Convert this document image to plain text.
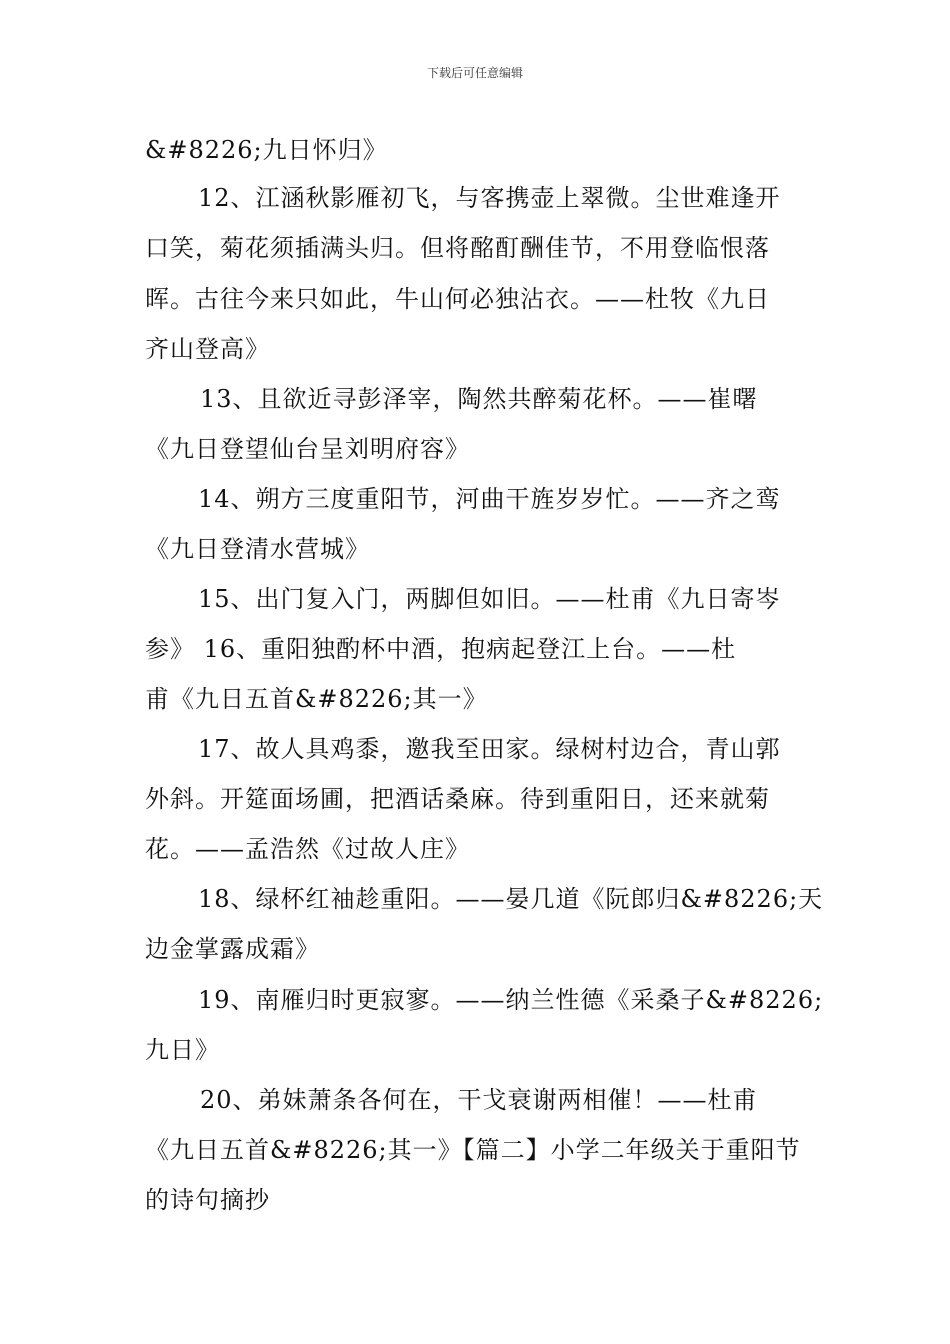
下载后可任意编辑
&#8226;九日怀归》
12、江涵秋影雁初飞，与客携壶上翠微。尘世难逢开
口笑，菊花须插满头归。但将酩酊酬佳节，不用登临恨落
晖。古往今来只如此，牛山何必独沾衣。——杜牧《九日
齐山登高》
13、且欲近寻彭泽宰，陶然共醉菊花杯。——崔曙
《九日登望仙台呈刘明府容》
14、朔方三度重阳节，河曲干旌岁岁忙。——齐之鸾
《九日登清水营城》
15、出门复入门，两脚但如旧。——杜甫《九日寄岑
参》 16、重阳独酌杯中酒，抱病起登江上台。——杜
甫《九日五首&#8226;其一》
17、故人具鸡黍，邀我至田家。绿树村边合，青山郭
外斜。开筵面场圃，把酒话桑麻。待到重阳日，还来就菊
花。——孟浩然《过故人庄》
18、绿杯红袖趁重阳。——晏几道《阮郎归&#8226;天
边金掌露成霜》
19、南雁归时更寂寥。——纳兰性德《采桑子&#8226;
九日》
20、弟妹萧条各何在，干戈衰谢两相催！——杜甫
《九日五首&#8226;其一》【篇二】小学二年级关于重阳节
的诗句摘抄
